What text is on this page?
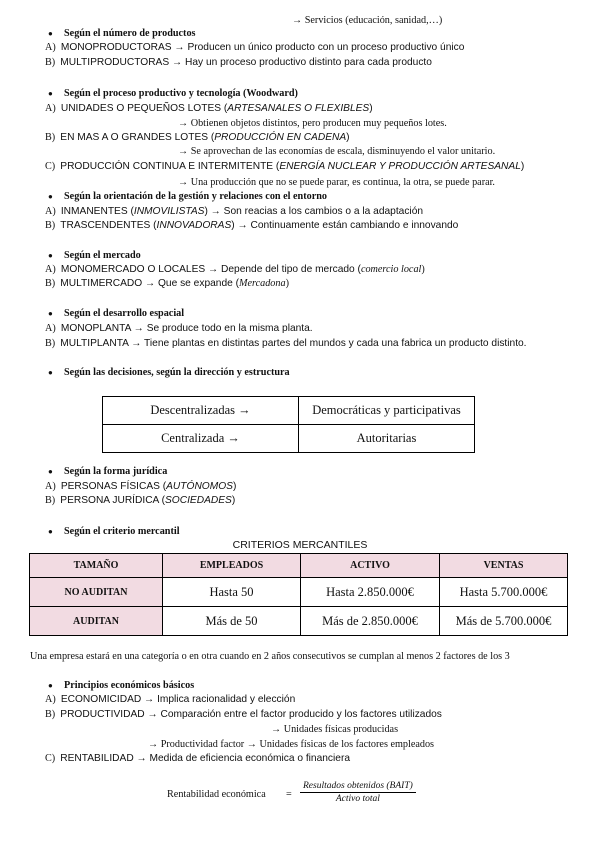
→ Servicios (educación, sanidad,…)
● Según el número de productos
A) MONOPRODUCTORAS → Producen un único producto con un proceso productivo único
B) MULTIPRODUCTORAS → Hay un proceso productivo distinto para cada producto
● Según el proceso productivo y tecnología (Woodward)
A) UNIDADES O PEQUEÑOS LOTES (ARTESANALES O FLEXIBLES)
→ Obtienen objetos distintos, pero producen muy pequeños lotes.
B) EN MAS A O GRANDES LOTES (PRODUCCIÓN EN CADENA)
→ Se aprovechan de las economías de escala, disminuyendo el valor unitario.
C) PRODUCCIÓN CONTINUA E INTERMITENTE (ENERGÍA NUCLEAR Y PRODUCCIÓN ARTESANAL)
→ Una producción que no se puede parar, es continua, la otra, se puede parar.
● Según la orientación de la gestión y relaciones con el entorno
A) INMANENTES (INMOVILISTAS) → Son reacias a los cambios o a la adaptación
B) TRASCENDENTES (INNOVADORAS) → Continuamente están cambiando e innovando
● Según el mercado
A) MONOMERCADO O LOCALES → Depende del tipo de mercado (comercio local)
B) MULTIMERCADO → Que se expande (Mercadona)
● Según el desarrollo espacial
A) MONOPLANTA → Se produce todo en la misma planta.
B) MULTIPLANTA → Tiene plantas en distintas partes del mundos y cada una fabrica un producto distinto.
● Según las decisiones, según la dirección y estructura
Descentralizadas →	Democráticas y participativas
Centralizada →	Autoritarias
● Según la forma jurídica
A) PERSONAS FÍSICAS (AUTÓNOMOS)
B) PERSONA JURÍDICA (SOCIEDADES)
● Según el criterio mercantil
CRITERIOS MERCANTILES
TAMAÑO	EMPLEADOS	ACTIVO	VENTAS
NO AUDITAN	Hasta 50	Hasta 2.850.000€	Hasta 5.700.000€
AUDITAN	Más de 50	Más de 2.850.000€	Más de 5.700.000€
Una empresa estará en una categoría o en otra cuando en 2 años consecutivos se cumplan al menos 2 factores de los 3
● Principios económicos básicos
A) ECONOMICIDAD → Implica racionalidad y elección
B) PRODUCTIVIDAD → Comparación entre el factor producido y los factores utilizados
→ Unidades físicas producidas
→ Productividad factor → Unidades físicas de los factores empleados
C) RENTABILIDAD → Medida de eficiencia económica o financiera
Rentabilidad económica =
Resultados obtenidos (BAIT)
Activo total
